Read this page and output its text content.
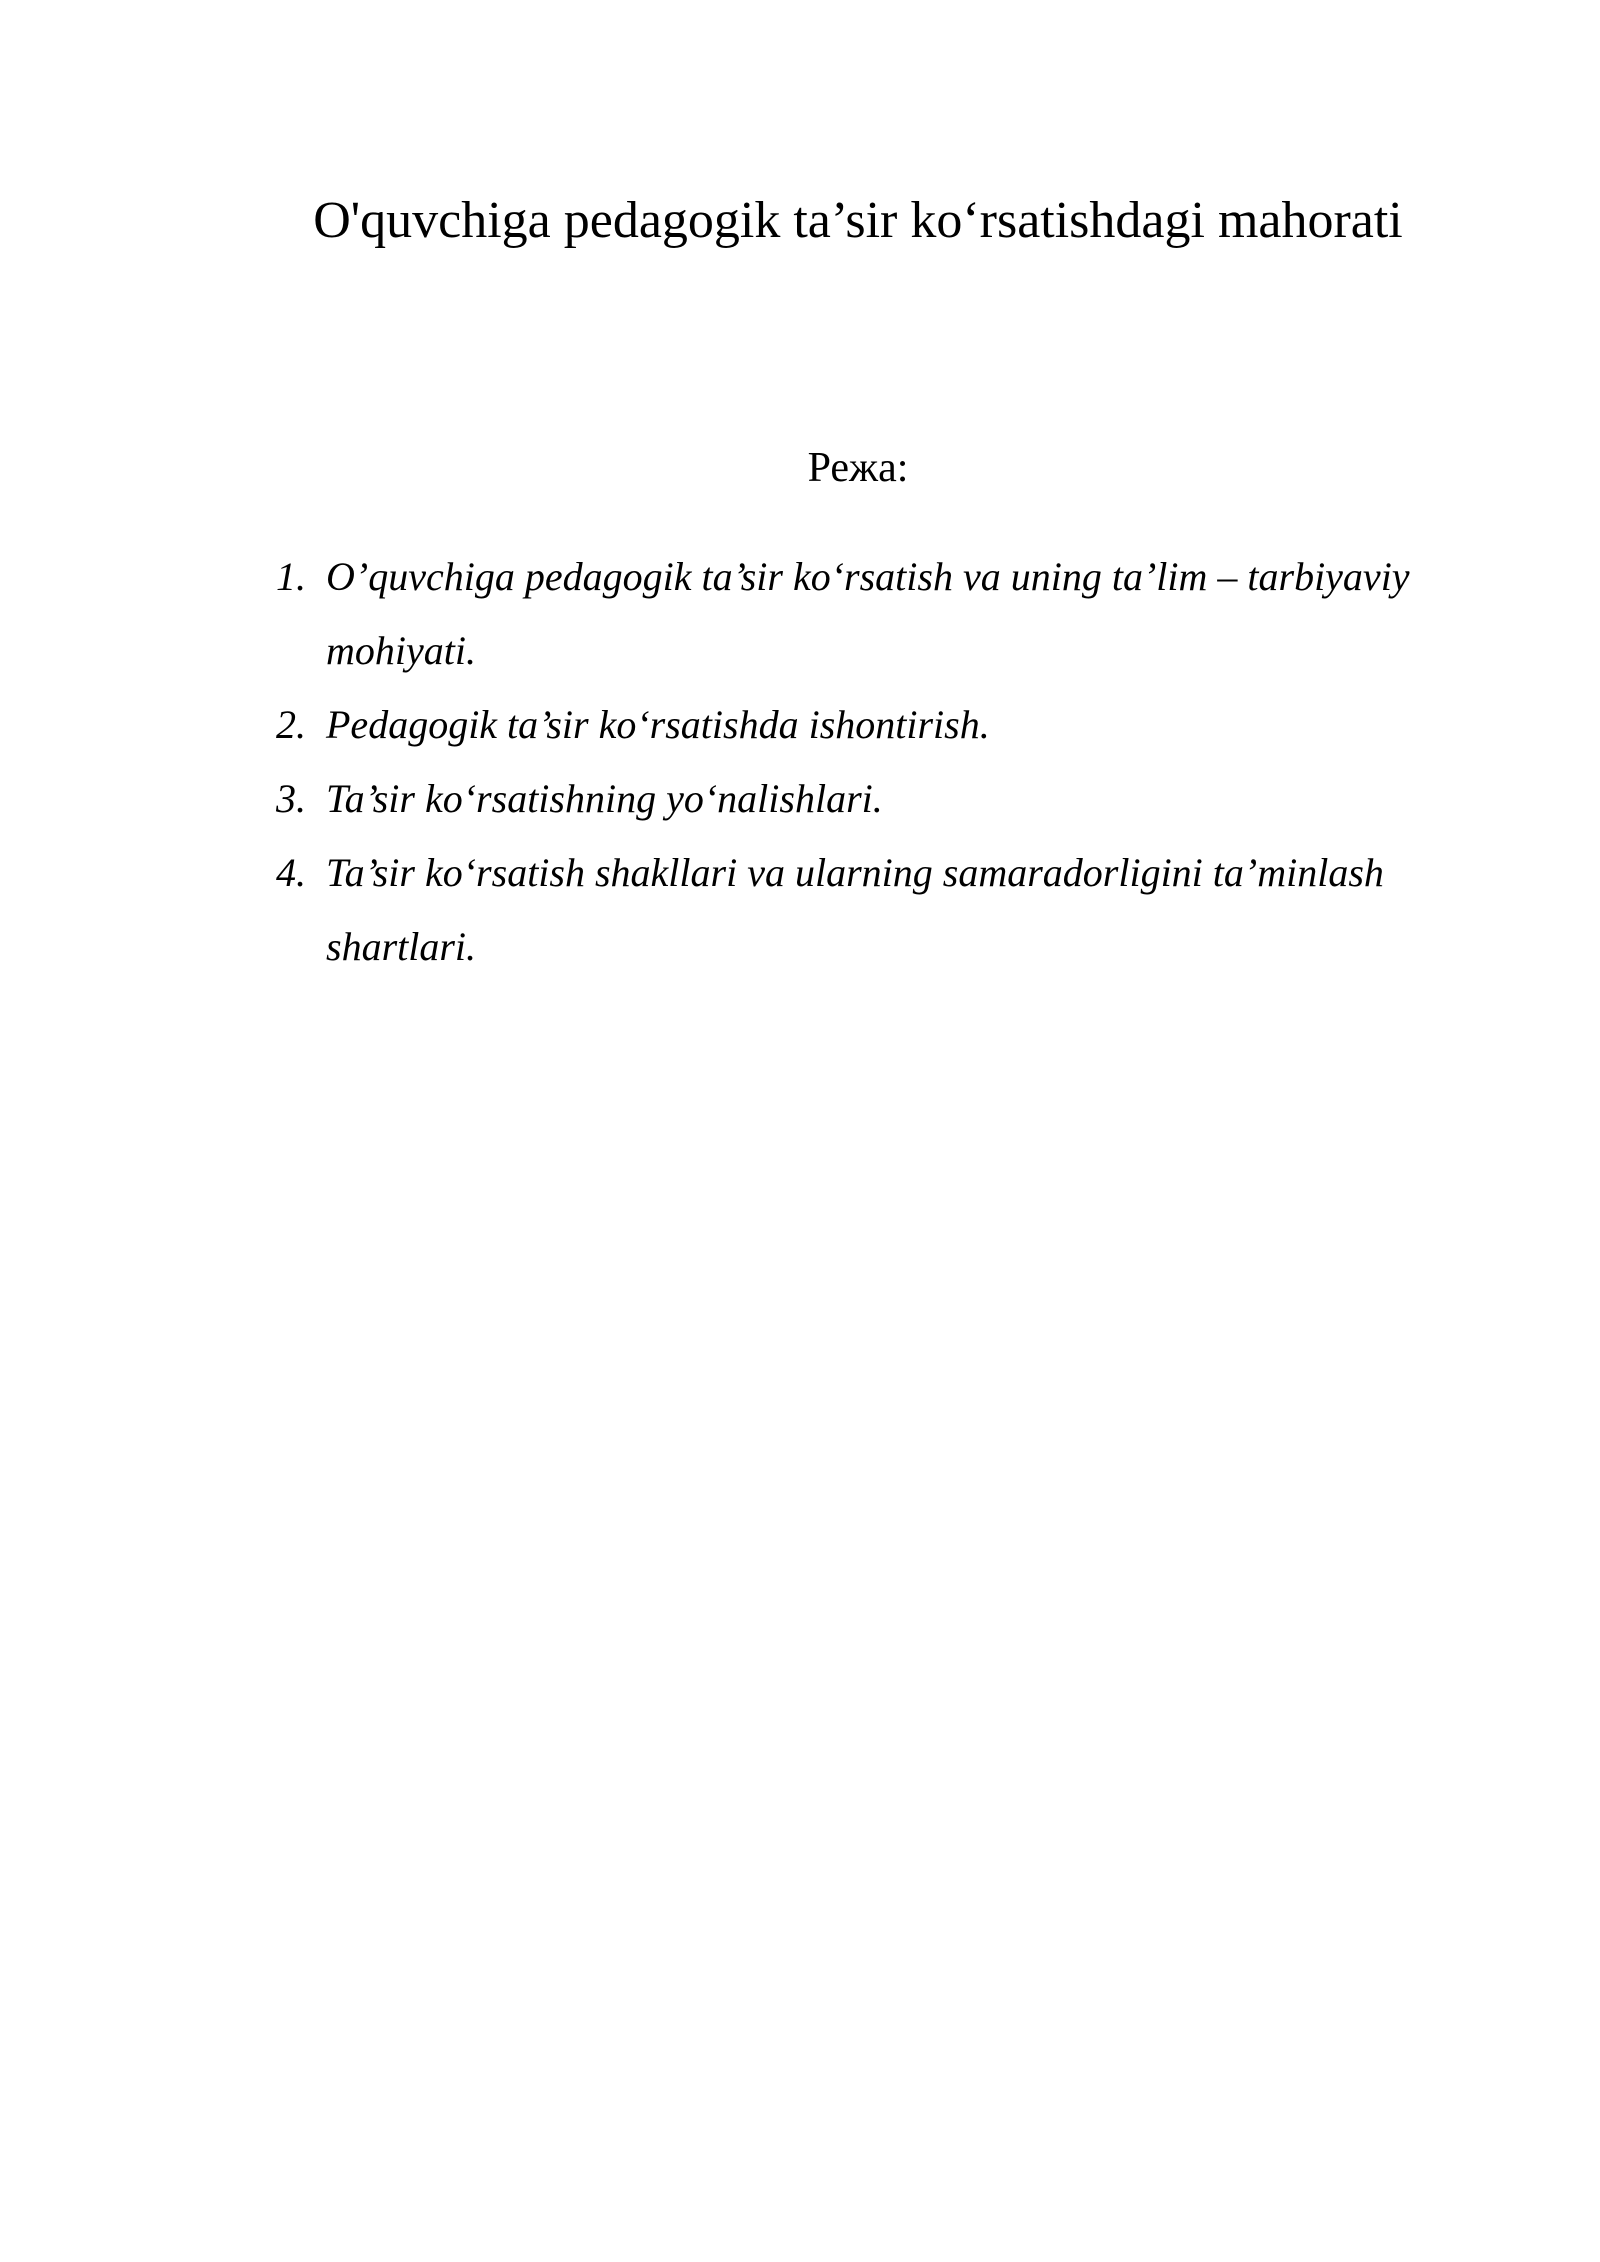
O'quvchiga pedagogik ta’sir ko‘rsatishdagi mahorati
Режа:
1. O’quvchiga pedagogik ta’sir ko‘rsatish va uning ta’lim – tarbiyaviy mohiyati.
2. Pedagogik ta’sir ko‘rsatishda ishontirish.
3. Ta’sir ko‘rsatishning yo‘nalishlari.
4. Ta’sir ko‘rsatish shakllari va ularning samaradorligini ta’minlash shartlari.
